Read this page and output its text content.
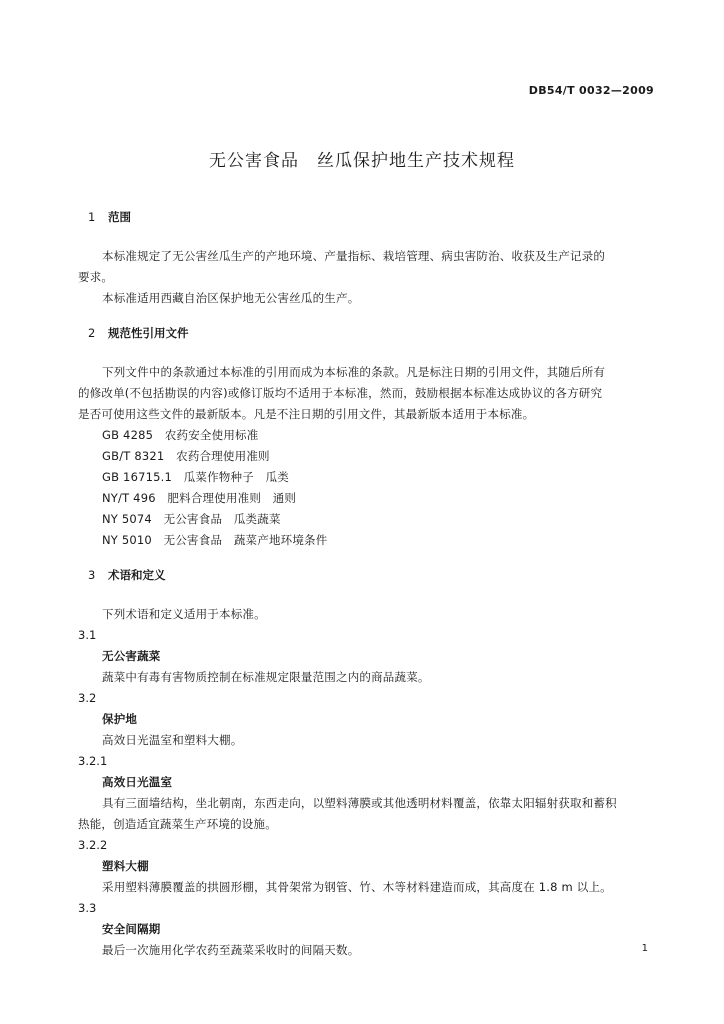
DB54/T 0032—2009
无公害食品　丝瓜保护地生产技术规程
1 范围
本标准规定了无公害丝瓜生产的产地环境、产量指标、栽培管理、病虫害防治、收获及生产记录的
要求。
本标准适用西藏自治区保护地无公害丝瓜的生产。
2 规范性引用文件
下列文件中的条款通过本标准的引用而成为本标准的条款。凡是标注日期的引用文件，其随后所有
的修改单(不包括勘误的内容)或修订版均不适用于本标准，然而，鼓励根据本标准达成协议的各方研究
是否可使用这些文件的最新版本。凡是不注日期的引用文件，其最新版本适用于本标准。
GB 4285　农药安全使用标准
GB/T 8321　农药合理使用准则
GB 16715.1　瓜菜作物种子　瓜类
NY/T 496　肥料合理使用准则　通则
NY 5074　无公害食品　瓜类蔬菜
NY 5010　无公害食品　蔬菜产地环境条件
3 术语和定义
下列术语和定义适用于本标准。
3.1
无公害蔬菜
蔬菜中有毒有害物质控制在标准规定限量范围之内的商品蔬菜。
3.2
保护地
高效日光温室和塑料大棚。
3.2.1
高效日光温室
具有三面墙结构，坐北朝南，东西走向，以塑料薄膜或其他透明材料覆盖，依靠太阳辐射获取和蓄积
热能，创造适宜蔬菜生产环境的设施。
3.2.2
塑料大棚
采用塑料薄膜覆盖的拱圆形棚，其骨架常为钢管、竹、木等材料建造而成，其高度在 1.8 m 以上。
3.3
安全间隔期
最后一次施用化学农药至蔬菜采收时的间隔天数。	1
